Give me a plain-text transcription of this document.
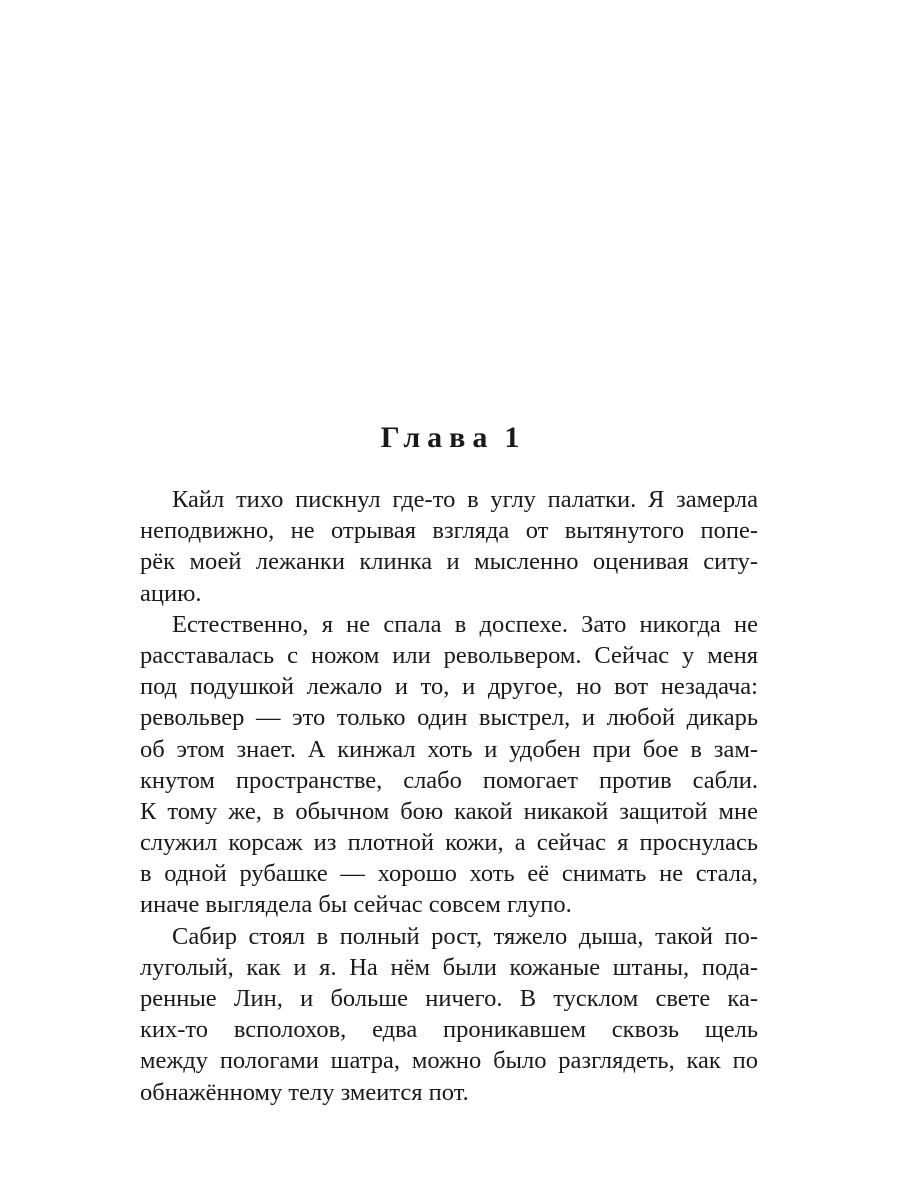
Глава 1
Кайл тихо пискнул где-то в углу палатки. Я замерла
неподвижно, не отрывая взгляда от вытянутого попе-
рёк моей лежанки клинка и мысленно оценивая ситу-
ацию.
Естественно, я не спала в доспехе. Зато никогда не
расставалась с ножом или револьвером. Сейчас у меня
под подушкой лежало и то, и другое, но вот незадача:
револьвер — это только один выстрел, и любой дикарь
об этом знает. А кинжал хоть и удобен при бое в зам-
кнутом пространстве, слабо помогает против сабли.
К тому же, в обычном бою какой никакой защитой мне
служил корсаж из плотной кожи, а сейчас я проснулась
в одной рубашке — хорошо хоть её снимать не стала,
иначе выглядела бы сейчас совсем глупо.
Сабир стоял в полный рост, тяжело дыша, такой по-
луголый, как и я. На нём были кожаные штаны, пода-
ренные Лин, и больше ничего. В тусклом свете ка-
ких-то всполохов, едва проникавшем сквозь щель
между пологами шатра, можно было разглядеть, как по
обнажённому телу змеится пот.
